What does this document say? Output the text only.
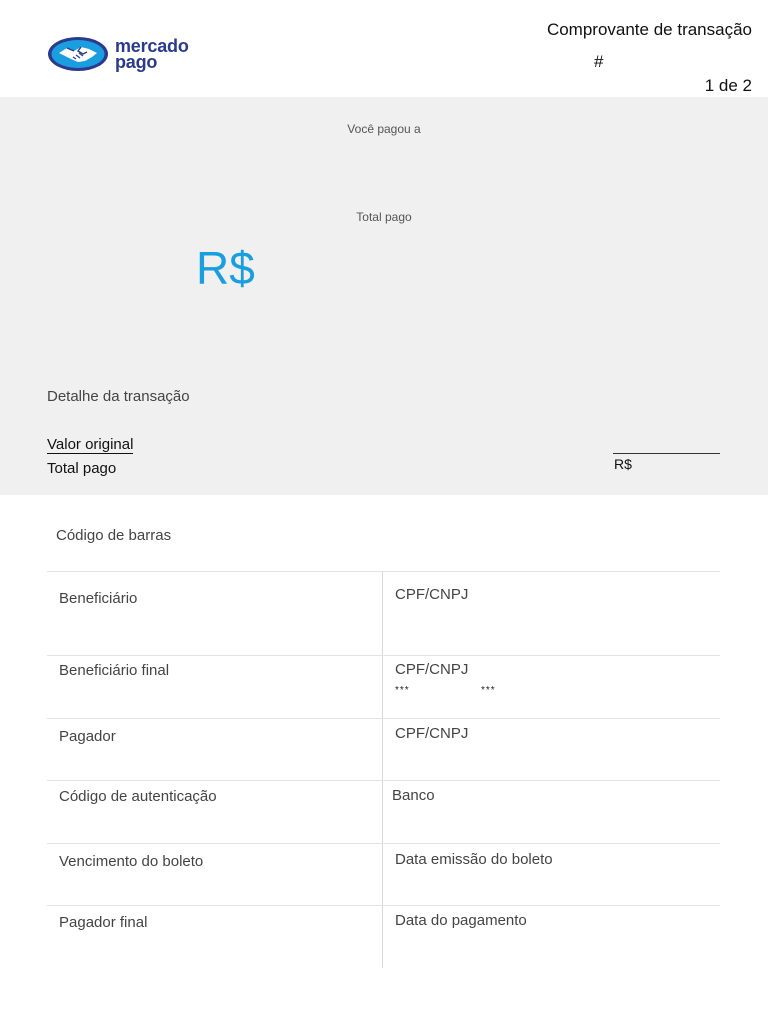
mercado
pago
Comprovante de transação
#
1 de 2
Você pagou a
Total pago
R$
Detalhe da transação
Valor original
Total pago	R$
Código de barras
Beneficiário	CPF/CNPJ
Beneficiário final	CPF/CNPJ
***	***
Pagador	CPF/CNPJ
Código de autenticação	Banco
Vencimento do boleto	Data emissão do boleto
Pagador final	Data do pagamento
